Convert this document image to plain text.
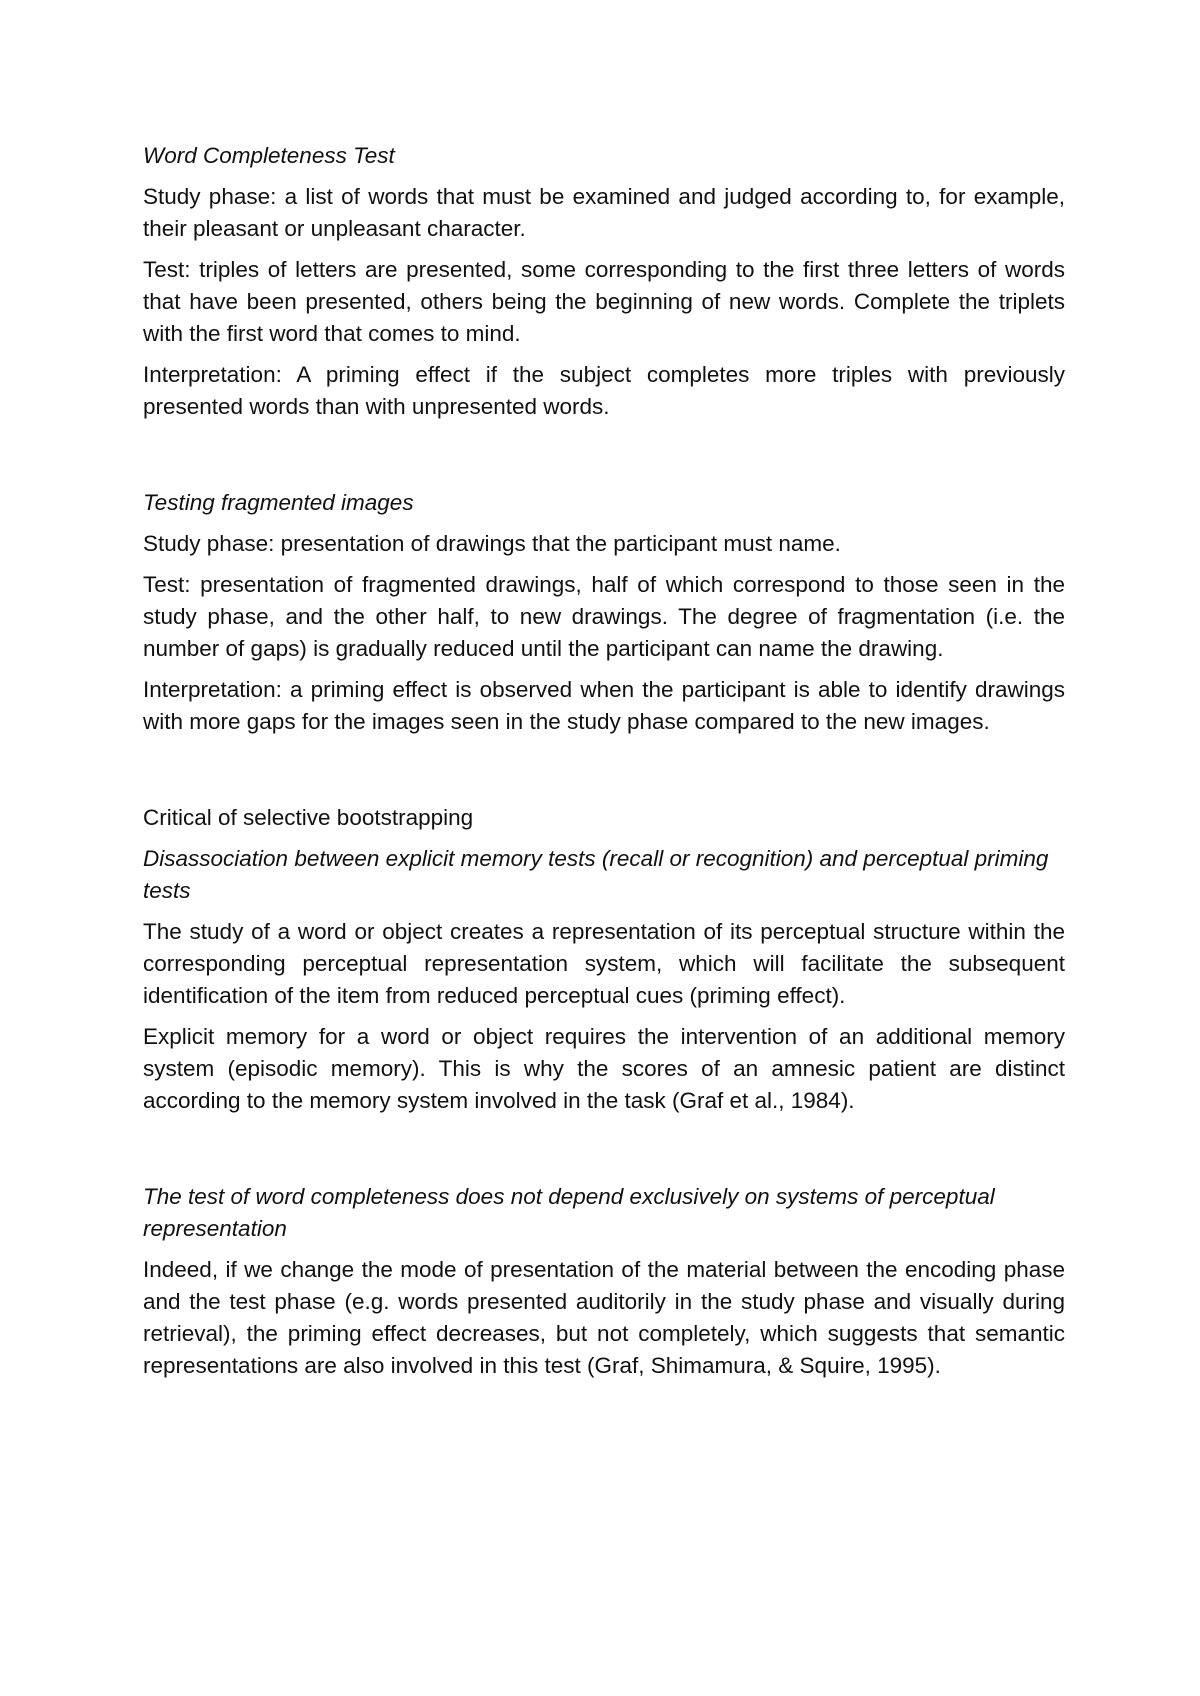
Word Completeness Test

Study phase: a list of words that must be examined and judged according to, for example, their pleasant or unpleasant character.

Test: triples of letters are presented, some corresponding to the first three letters of words that have been presented, others being the beginning of new words. Complete the triplets with the first word that comes to mind.

Interpretation: A priming effect if the subject completes more triples with previously presented words than with unpresented words.

Testing fragmented images

Study phase: presentation of drawings that the participant must name.

Test: presentation of fragmented drawings, half of which correspond to those seen in the study phase, and the other half, to new drawings. The degree of fragmentation (i.e. the number of gaps) is gradually reduced until the participant can name the drawing.

Interpretation: a priming effect is observed when the participant is able to identify drawings with more gaps for the images seen in the study phase compared to the new images.

Critical of selective bootstrapping

Disassociation between explicit memory tests (recall or recognition) and perceptual priming tests

The study of a word or object creates a representation of its perceptual structure within the corresponding perceptual representation system, which will facilitate the subsequent identification of the item from reduced perceptual cues (priming effect).

Explicit memory for a word or object requires the intervention of an additional memory system (episodic memory). This is why the scores of an amnesic patient are distinct according to the memory system involved in the task (Graf et al., 1984).

The test of word completeness does not depend exclusively on systems of perceptual representation

Indeed, if we change the mode of presentation of the material between the encoding phase and the test phase (e.g. words presented auditorily in the study phase and visually during retrieval), the priming effect decreases, but not completely, which suggests that semantic representations are also involved in this test (Graf, Shimamura, & Squire, 1995).
